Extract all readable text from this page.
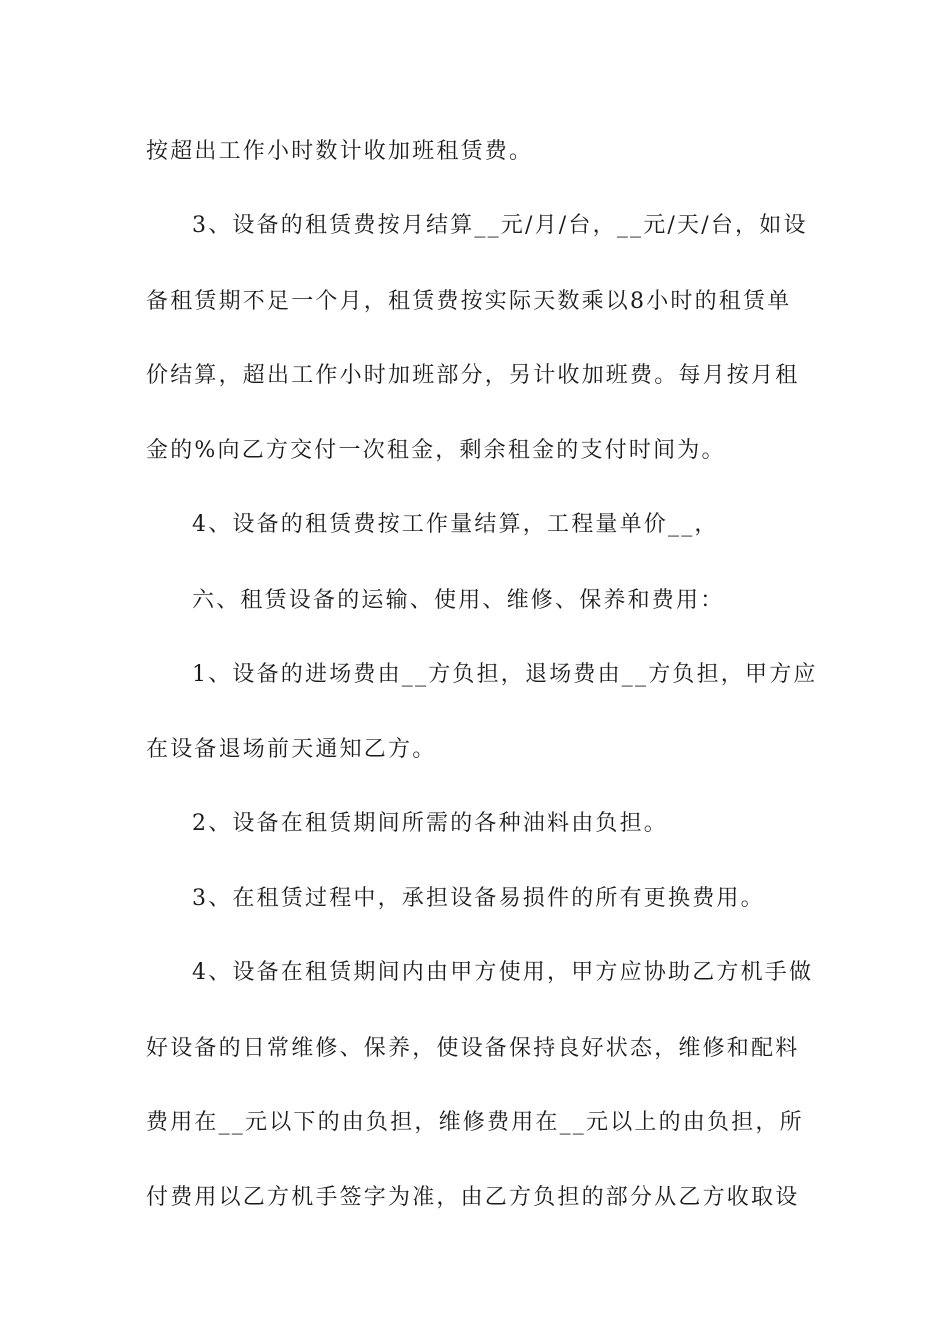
按超出工作小时数计收加班租赁费。
3、设备的租赁费按月结算__元/月/台，__元/天/台，如设
备租赁期不足一个月，租赁费按实际天数乘以8小时的租赁单
价结算，超出工作小时加班部分，另计收加班费。每月按月租
金的%向乙方交付一次租金，剩余租金的支付时间为。
4、设备的租赁费按工作量结算，工程量单价__，
六、租赁设备的运输、使用、维修、保养和费用：
1、设备的进场费由__方负担，退场费由__方负担，甲方应
在设备退场前天通知乙方。
2、设备在租赁期间所需的各种油料由负担。
3、在租赁过程中，承担设备易损件的所有更换费用。
4、设备在租赁期间内由甲方使用，甲方应协助乙方机手做
好设备的日常维修、保养，使设备保持良好状态，维修和配料
费用在__元以下的由负担，维修费用在__元以上的由负担，所
付费用以乙方机手签字为准，由乙方负担的部分从乙方收取设
